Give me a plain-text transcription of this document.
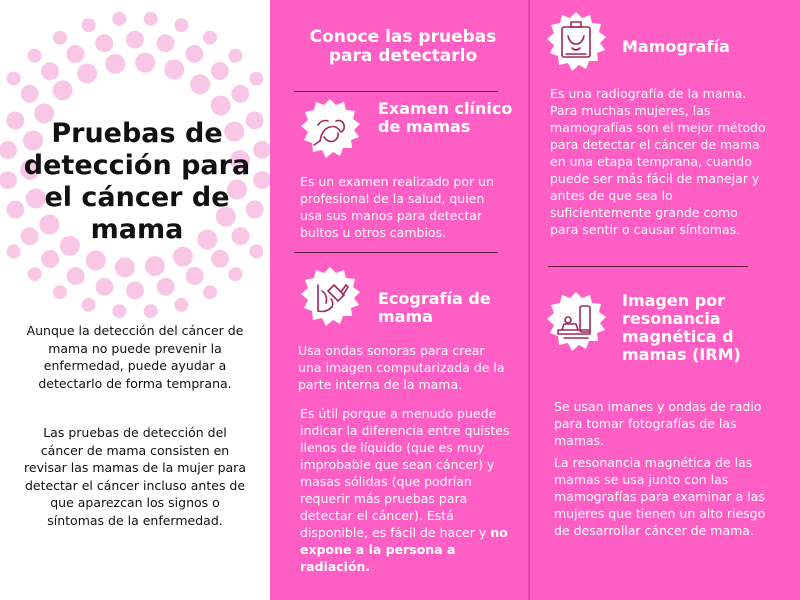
Pruebas de detección para el cáncer de mama

Aunque la detección del cáncer de mama no puede prevenir la enfermedad, puede ayudar a detectarlo de forma temprana.

Las pruebas de detección del cáncer de mama consisten en revisar las mamas de la mujer para detectar el cáncer incluso antes de que aparezcan los signos o síntomas de la enfermedad.

Conoce las pruebas para detectarlo
Examen clínico de mamas

Es un examen realizado por un profesional de la salud, quien usa sus manos para detectar bultos u otros cambios.

Ecografía de mama

Usa ondas sonoras para crear una imagen computarizada de la parte interna de la mama.

Es útil porque a menudo puede indicar la diferencia entre quistes llenos de líquido (que es muy improbable que sean cáncer) y masas sólidas (que podrían requerir más pruebas para detectar el cáncer). Está disponible, es fácil de hacer y no expone a la persona a radiación.

Mamografía

Es una radiografía de la mama. Para muchas mujeres, las mamografías son el mejor método para detectar el cáncer de mama en una etapa temprana, cuando puede ser más fácil de manejar y antes de que sea lo suficientemente grande como para sentir o causar síntomas.

Imagen por resonancia magnética d mamas (IRM)

Se usan imanes y ondas de radio para tomar fotografías de las mamas.

La resonancia magnética de las mamas se usa junto con las mamografías para examinar a las mujeres que tienen un alto riesgo de desarrollar cáncer de mama.
